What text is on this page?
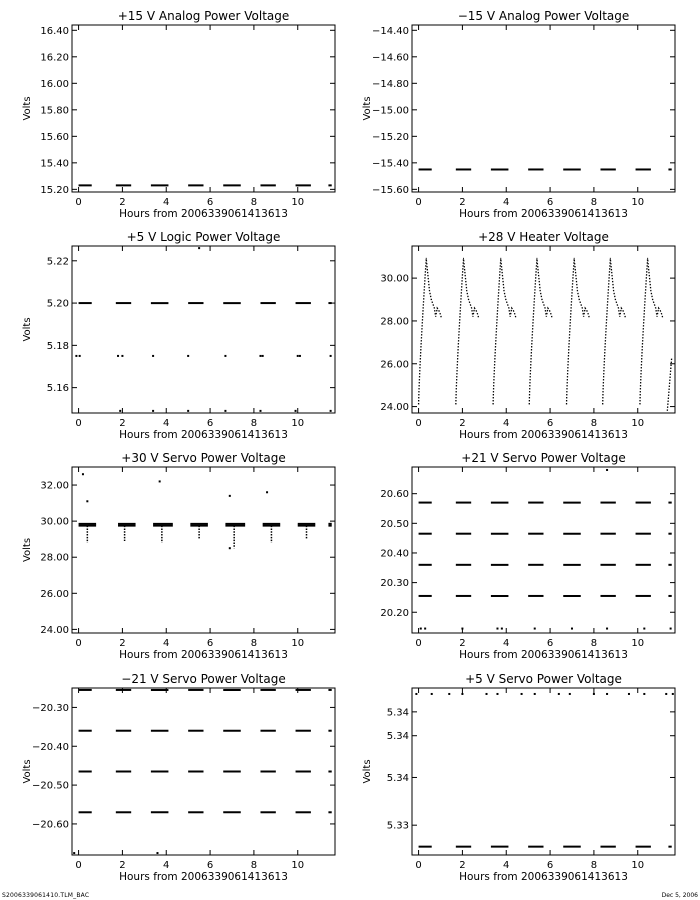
+15 V Analog Power Voltage
0	2	4	6	8	10
Hours from 2006339061413613
15.20
15.40
15.60
15.80
16.00
16.20
16.40
Volts
−15 V Analog Power Voltage
0	2	4	6	8	10
Hours from 2006339061413613
−15.60
−15.40
−15.20
−15.00
−14.80
−14.60
−14.40
Volts
+5 V Logic Power Voltage
0	2	4	6	8	10
Hours from 2006339061413613
5.16
5.18
5.20
5.22
Volts
+28 V Heater Voltage
0	2	4	6	8	10
Hours from 2006339061413613
24.00
26.00
28.00
30.00
+30 V Servo Power Voltage
0	2	4	6	8	10
Hours from 2006339061413613
24.00
26.00
28.00
30.00
32.00
Volts
+21 V Servo Power Voltage
0	2	4	6	8	10
Hours from 2006339061413613
20.20
20.30
20.40
20.50
20.60
−21 V Servo Power Voltage
0	2	4	6	8	10
Hours from 2006339061413613
−20.60
−20.50
−20.40
−20.30
Volts
+5 V Servo Power Voltage
0	2	4	6	8	10
Hours from 2006339061413613
5.33
5.34
5.34
5.34
Volts
S2006339061410.TLM_BAC	Dec 5, 2006
